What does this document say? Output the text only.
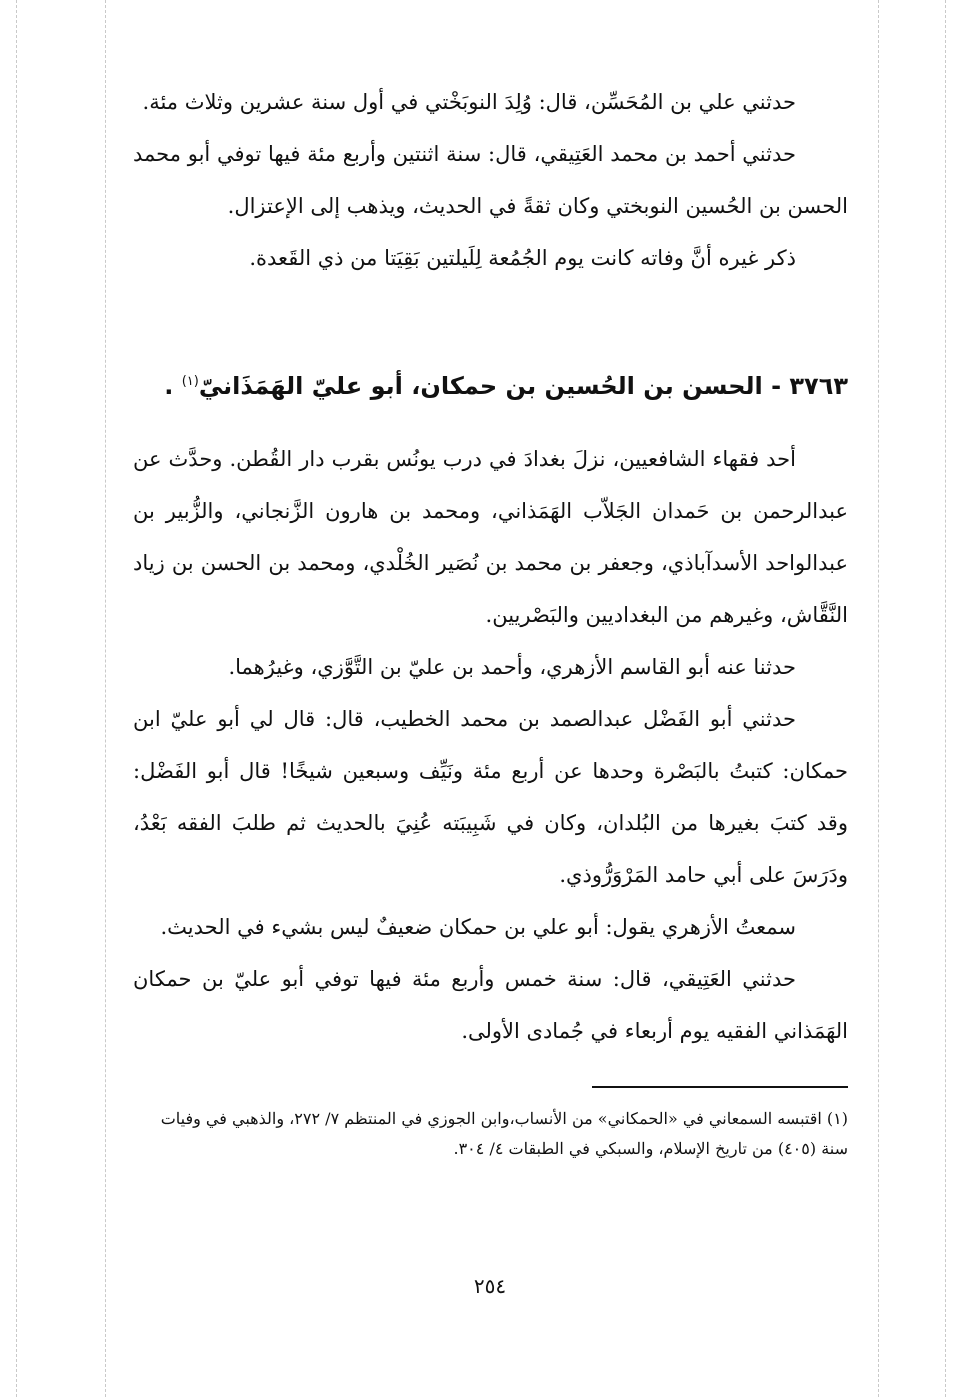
حدثني علي بن المُحَسِّن، قال: وُلِدَ النوبَخْتي في أول سنة عشرين وثلاث مئة.

حدثني أحمد بن محمد العَتِيقي، قال: سنة اثنتين وأربع مئة فيها توفي أبو محمد الحسن بن الحُسين النوبختي وكان ثقةً في الحديث، ويذهب إلى الإعتزال.

ذكر غيره أنَّ وفاته كانت يوم الجُمُعة لِلَيلتين بَقِيَتا من ذي القَعدة.

٣٧٦٣ - الحسن بن الحُسين بن حمكان، أبو عليّ الهَمَذَانيّ$^{(١)}$ .

أحد فقهاء الشافعيين، نزلَ بغدادَ في درب يونُس بقرب دار القُطن. وحدَّث عن عبدالرحمن بن حَمدان الجَلاّب الهَمَذاني، ومحمد بن هارون الزَّنجاني، والزُّبير بن عبدالواحد الأسدآباذي، وجعفر بن محمد بن نُصَير الخُلْدي، ومحمد بن الحسن بن زياد النَّقَّاش، وغيرهم من البغداديين والبَصْريين.

حدثنا عنه أبو القاسم الأزهري، وأحمد بن عليّ بن التَّوَّزي، وغيرُهما.

حدثني أبو الفَضْل عبدالصمد بن محمد الخطيب، قال: قال لي أبو عليّ ابن حمكان: كتبتُ بالبَصْرة وحدها عن أربع مئة ونَيِّف وسبعين شيخًا! قال أبو الفَضْل: وقد كتبَ بغيرها من البُلدان، وكان في شَبِيبَته عُنِيَ بالحديث ثم طلبَ الفقه بَعْدُ، ودَرَسَ على أبي حامد المَرْوَرُّوذي.

سمعتُ الأزهري يقول: أبو علي بن حمكان ضعيفٌ ليس بشيء في الحديث.

حدثني العَتِيقي، قال: سنة خمس وأربع مئة فيها توفي أبو عليّ بن حمكان الهَمَذاني الفقيه يوم أربعاء في جُمادى الأولى.

(١) اقتبسه السمعاني في «الحمكاني» من الأنساب،وابن الجوزي في المنتظم ٧/ ٢٧٢، والذهبي في وفيات سنة (٤٠٥) من تاريخ الإسلام، والسبكي في الطبقات ٤/ ٣٠٤.

٢٥٤
